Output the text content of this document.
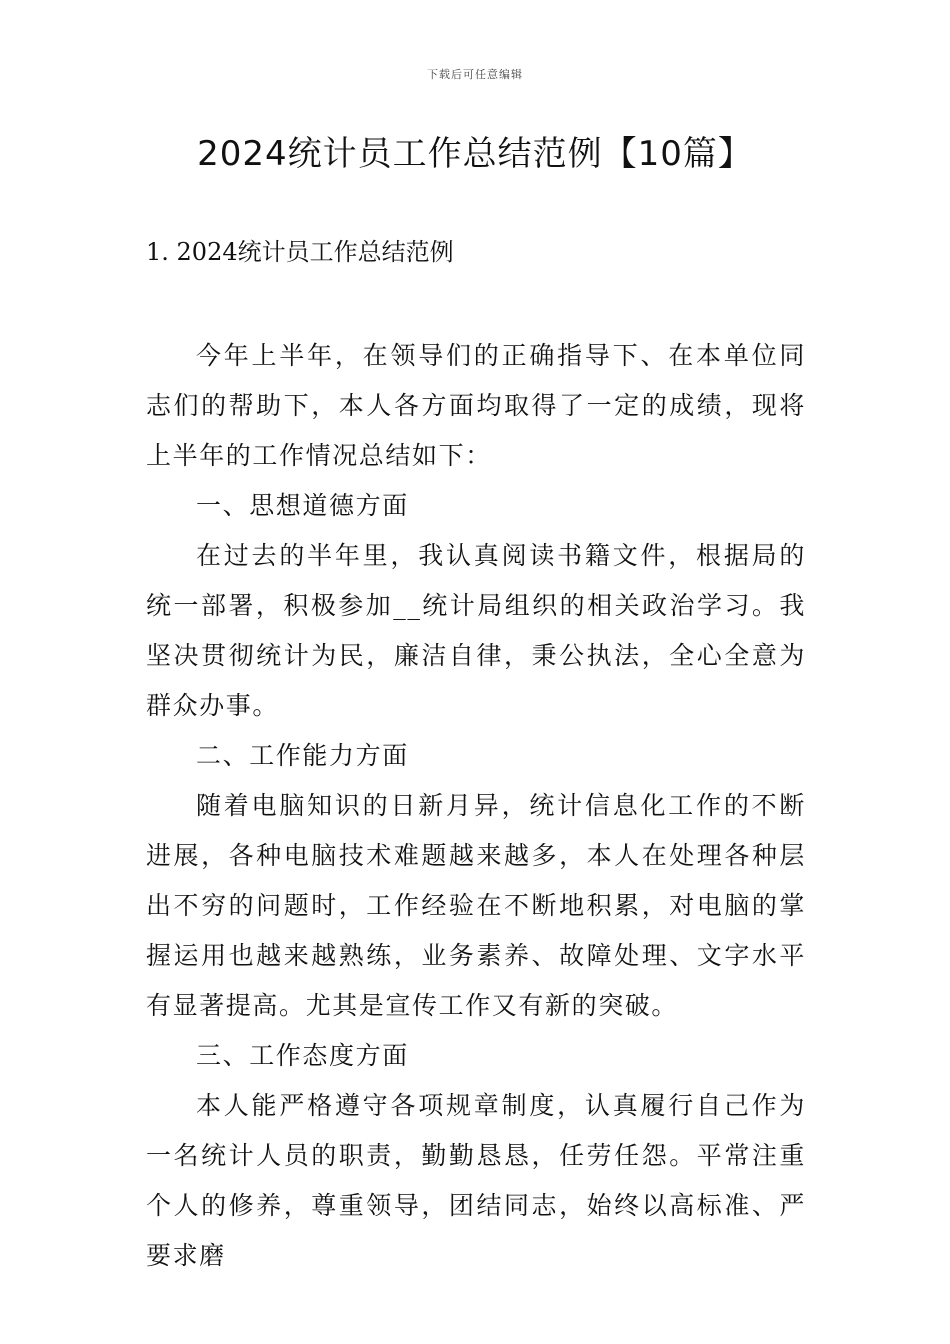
下载后可任意编辑
2024统计员工作总结范例【10篇】
1. 2024统计员工作总结范例

今年上半年，在领导们的正确指导下、在本单位同志们的帮助下，本人各方面均取得了一定的成绩，现将上半年的工作情况总结如下：

一、思想道德方面

在过去的半年里，我认真阅读书籍文件，根据局的统一部署，积极参加__统计局组织的相关政治学习。我坚决贯彻统计为民，廉洁自律，秉公执法，全心全意为群众办事。

二、工作能力方面

随着电脑知识的日新月异，统计信息化工作的不断进展，各种电脑技术难题越来越多，本人在处理各种层出不穷的问题时，工作经验在不断地积累，对电脑的掌握运用也越来越熟练，业务素养、故障处理、文字水平有显著提高。尤其是宣传工作又有新的突破。

三、工作态度方面

本人能严格遵守各项规章制度，认真履行自己作为一名统计人员的职责，勤勤恳恳，任劳任怨。平常注重个人的修养，尊重领导，团结同志，始终以高标准、严要求磨
